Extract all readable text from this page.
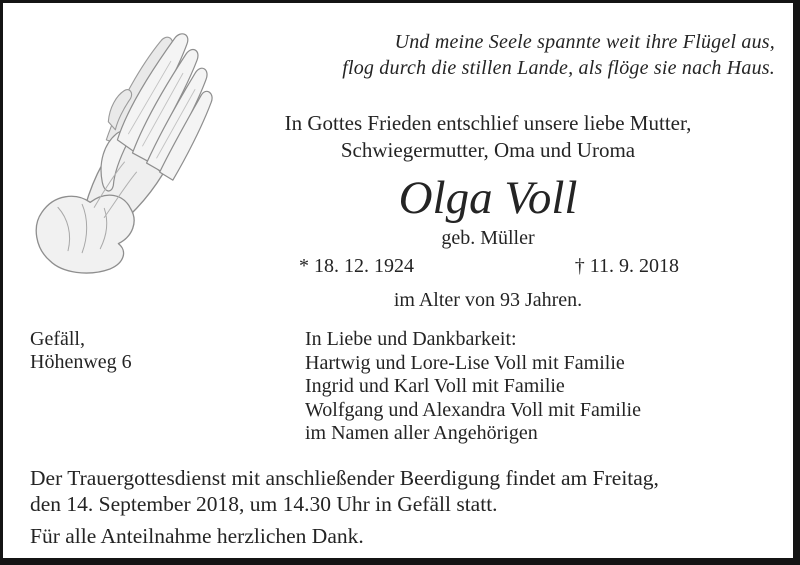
Und meine Seele spannte weit ihre Flügel aus,
flog durch die stillen Lande, als flöge sie nach Haus.
In Gottes Frieden entschlief unsere liebe Mutter,
Schwiegermutter, Oma und Uroma
Olga Voll
geb. Müller
* 18. 12. 1924	† 11. 9. 2018
im Alter von 93 Jahren.
Gefäll,
Höhenweg 6
In Liebe und Dankbarkeit:
Hartwig und Lore-Lise Voll mit Familie
Ingrid und Karl Voll mit Familie
Wolfgang und Alexandra Voll mit Familie
im Namen aller Angehörigen
Der Trauergottesdienst mit anschließender Beerdigung findet am Freitag,
den 14. September 2018, um 14.30 Uhr in Gefäll statt.
Für alle Anteilnahme herzlichen Dank.
